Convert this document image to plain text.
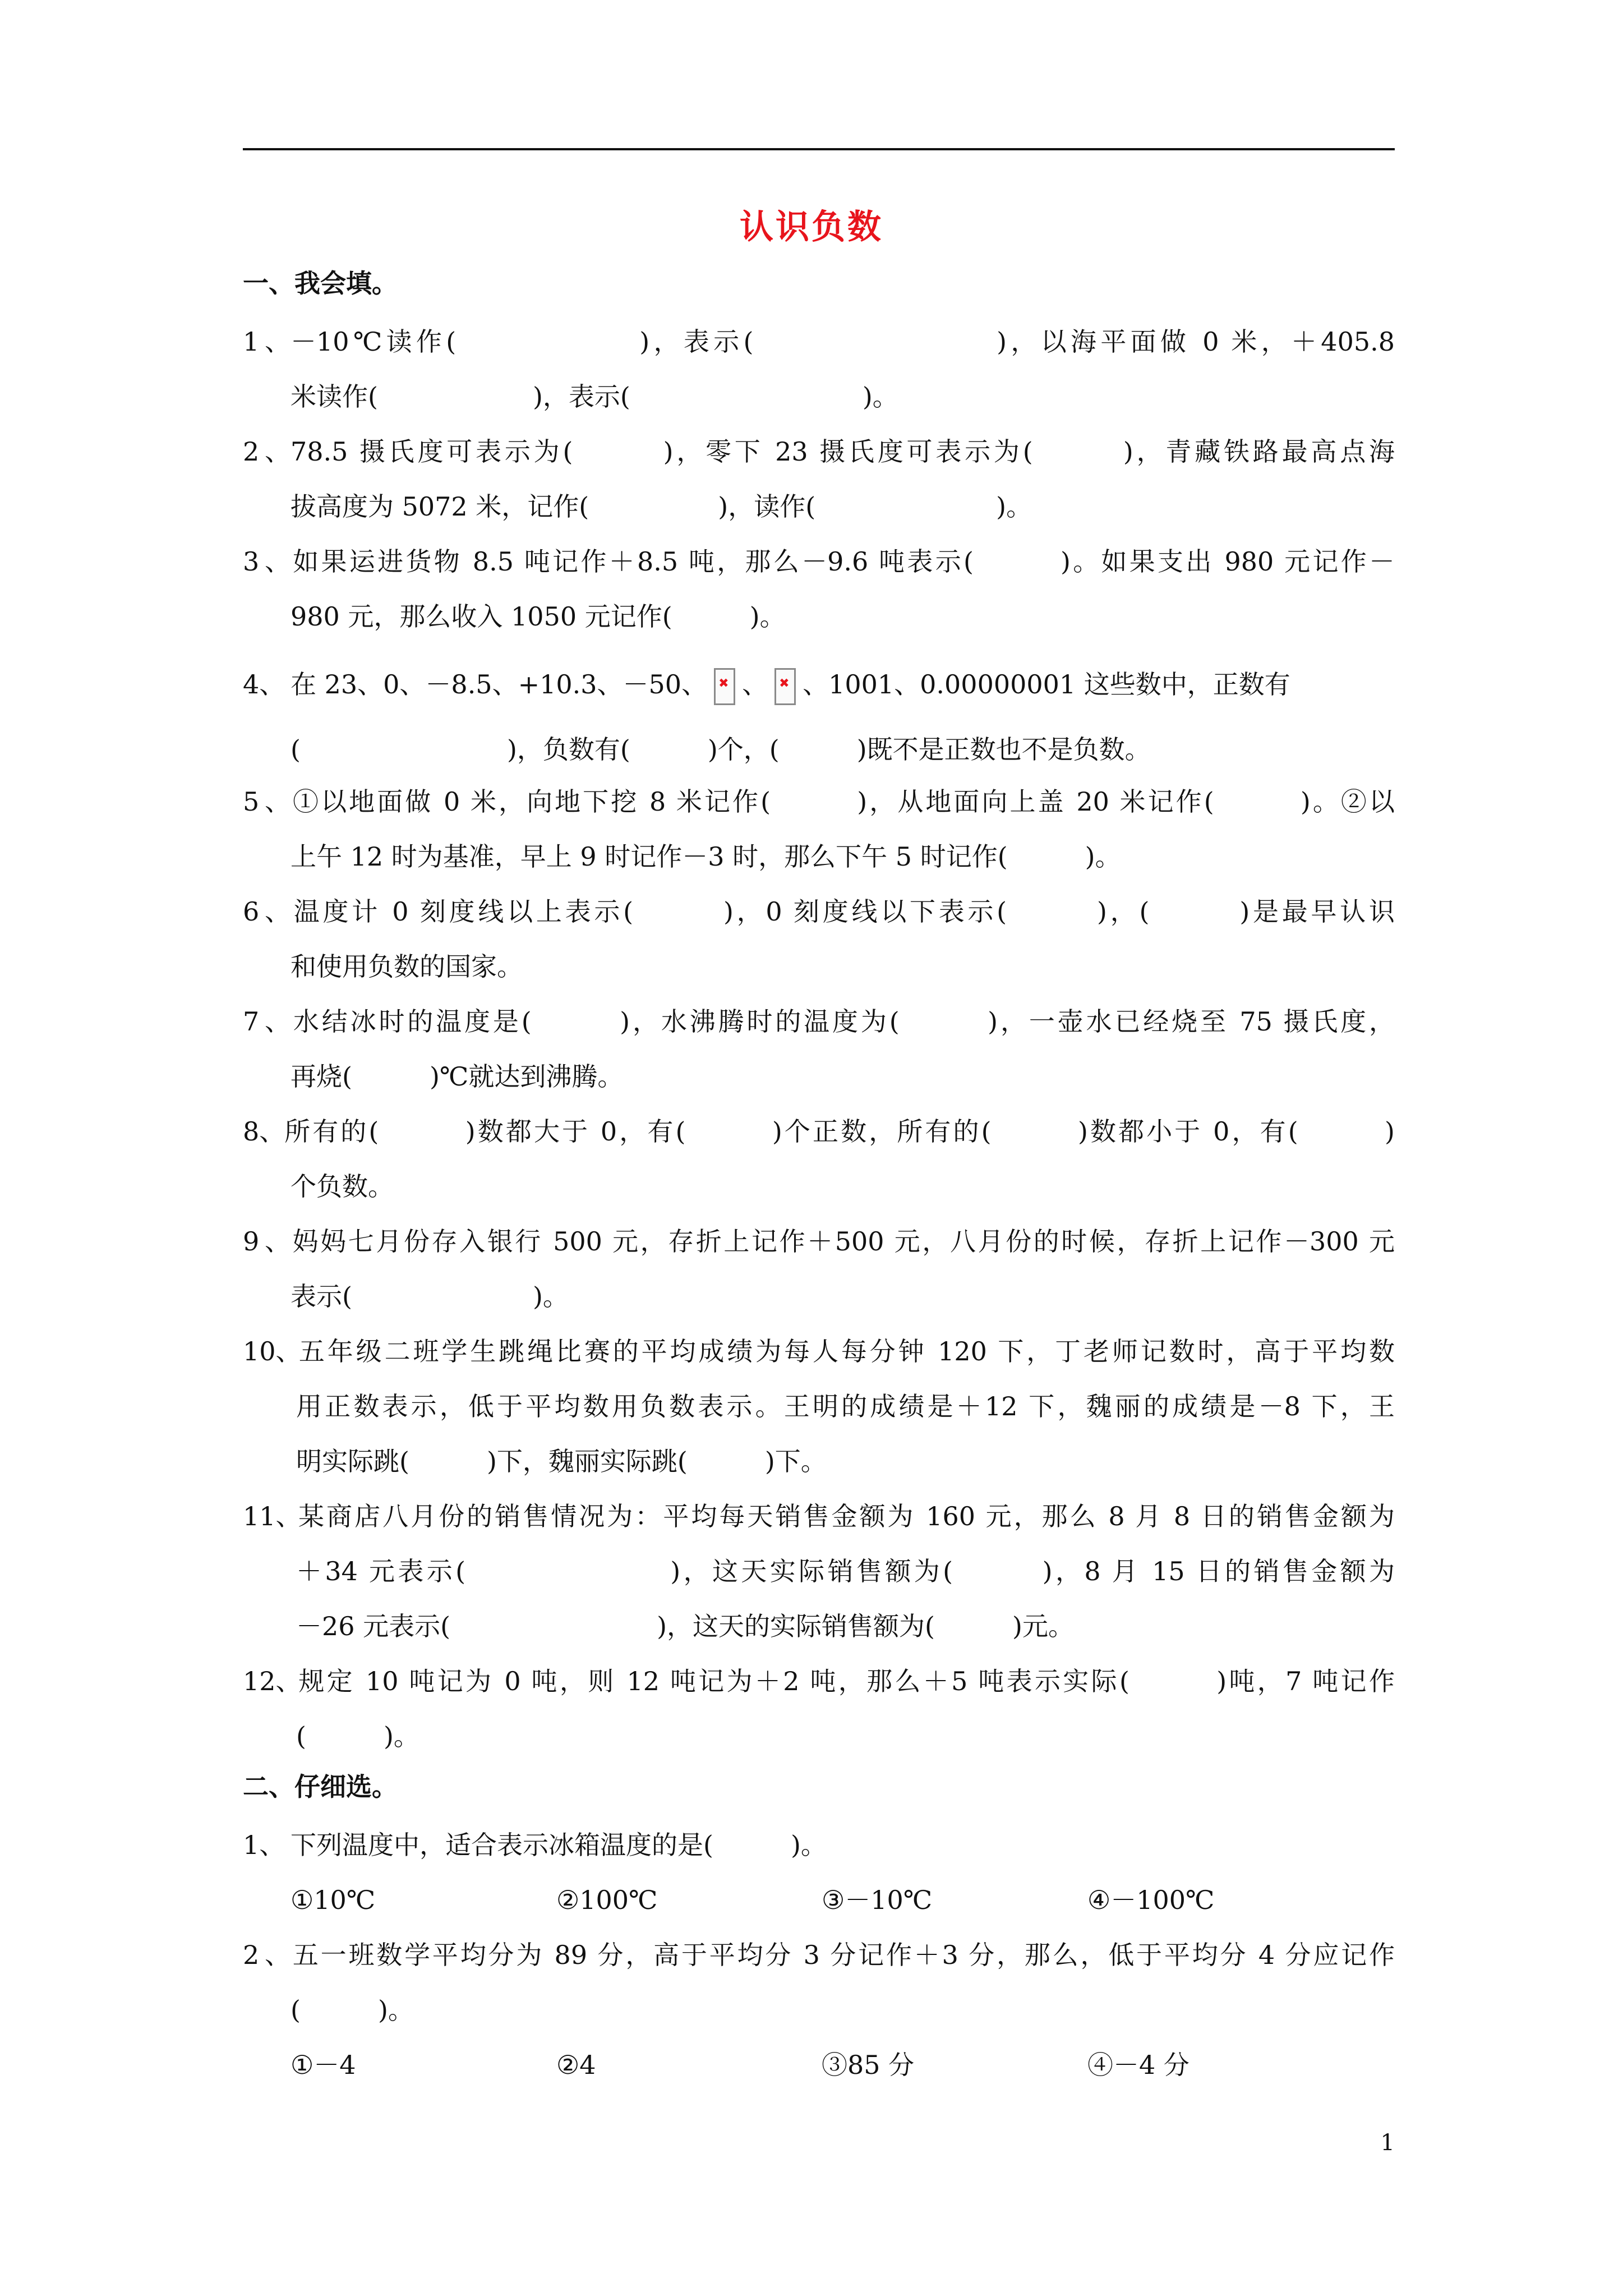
认识负数
一、我会填。
1、－10℃读作(　　　　　　)，表示(　　　　　　　　)，以海平面做 0 米，＋405.8
米读作(　　　　　　)，表示(　　　　　　　　　)。
2、78.5 摄氏度可表示为(　　　)，零下 23 摄氏度可表示为(　　　)，青藏铁路最高点海
拔高度为 5072 米，记作(　　　　　)，读作(　　　　　　　)。
3、如果运进货物 8.5 吨记作＋8.5 吨，那么－9.6 吨表示(　　　)。如果支出 980 元记作－
980 元，那么收入 1050 元记作(　　　)。
4、 在 23、0、－8.5、+10.3、－50、 ✖ 、 ✖ 、1001、0.00000001 这些数中，正数有
(　　　　　　　　)，负数有(　　　)个，(　　　)既不是正数也不是负数。
5、①以地面做 0 米，向地下挖 8 米记作(　　　)，从地面向上盖 20 米记作(　　　)。②以
上午 12 时为基准，早上 9 时记作－3 时，那么下午 5 时记作(　　　)。
6、温度计 0 刻度线以上表示(　　　)，0 刻度线以下表示(　　　)，(　　　)是最早认识
和使用负数的国家。
7、水结冰时的温度是(　　　)，水沸腾时的温度为(　　　)，一壶水已经烧至 75 摄氏度，
再烧(　　　)℃就达到沸腾。
8、所有的(　　　)数都大于 0，有(　　　)个正数，所有的(　　　)数都小于 0，有(　　　)
个负数。
9、妈妈七月份存入银行 500 元，存折上记作＋500 元，八月份的时候，存折上记作－300 元
表示(　　　　　　　)。
10、五年级二班学生跳绳比赛的平均成绩为每人每分钟 120 下，丁老师记数时，高于平均数
用正数表示，低于平均数用负数表示。王明的成绩是＋12 下，魏丽的成绩是－8 下，王
明实际跳(　　　)下，魏丽实际跳(　　　)下。
11、某商店八月份的销售情况为：平均每天销售金额为 160 元，那么 8 月 8 日的销售金额为
＋34 元表示(　　　　　　　)，这天实际销售额为(　　　)，8 月 15 日的销售金额为
－26 元表示(　　　　　　　　)，这天的实际销售额为(　　　)元。
12、规定 10 吨记为 0 吨，则 12 吨记为＋2 吨，那么＋5 吨表示实际(　　　)吨，7 吨记作
(　　　)。
二、仔细选。
1、 下列温度中，适合表示冰箱温度的是(　　　)。
①10℃	②100℃	③－10℃	④－100℃
2、五一班数学平均分为 89 分，高于平均分 3 分记作＋3 分，那么，低于平均分 4 分应记作
(　　　)。
①－4	②4	③85 分	④－4 分
1
